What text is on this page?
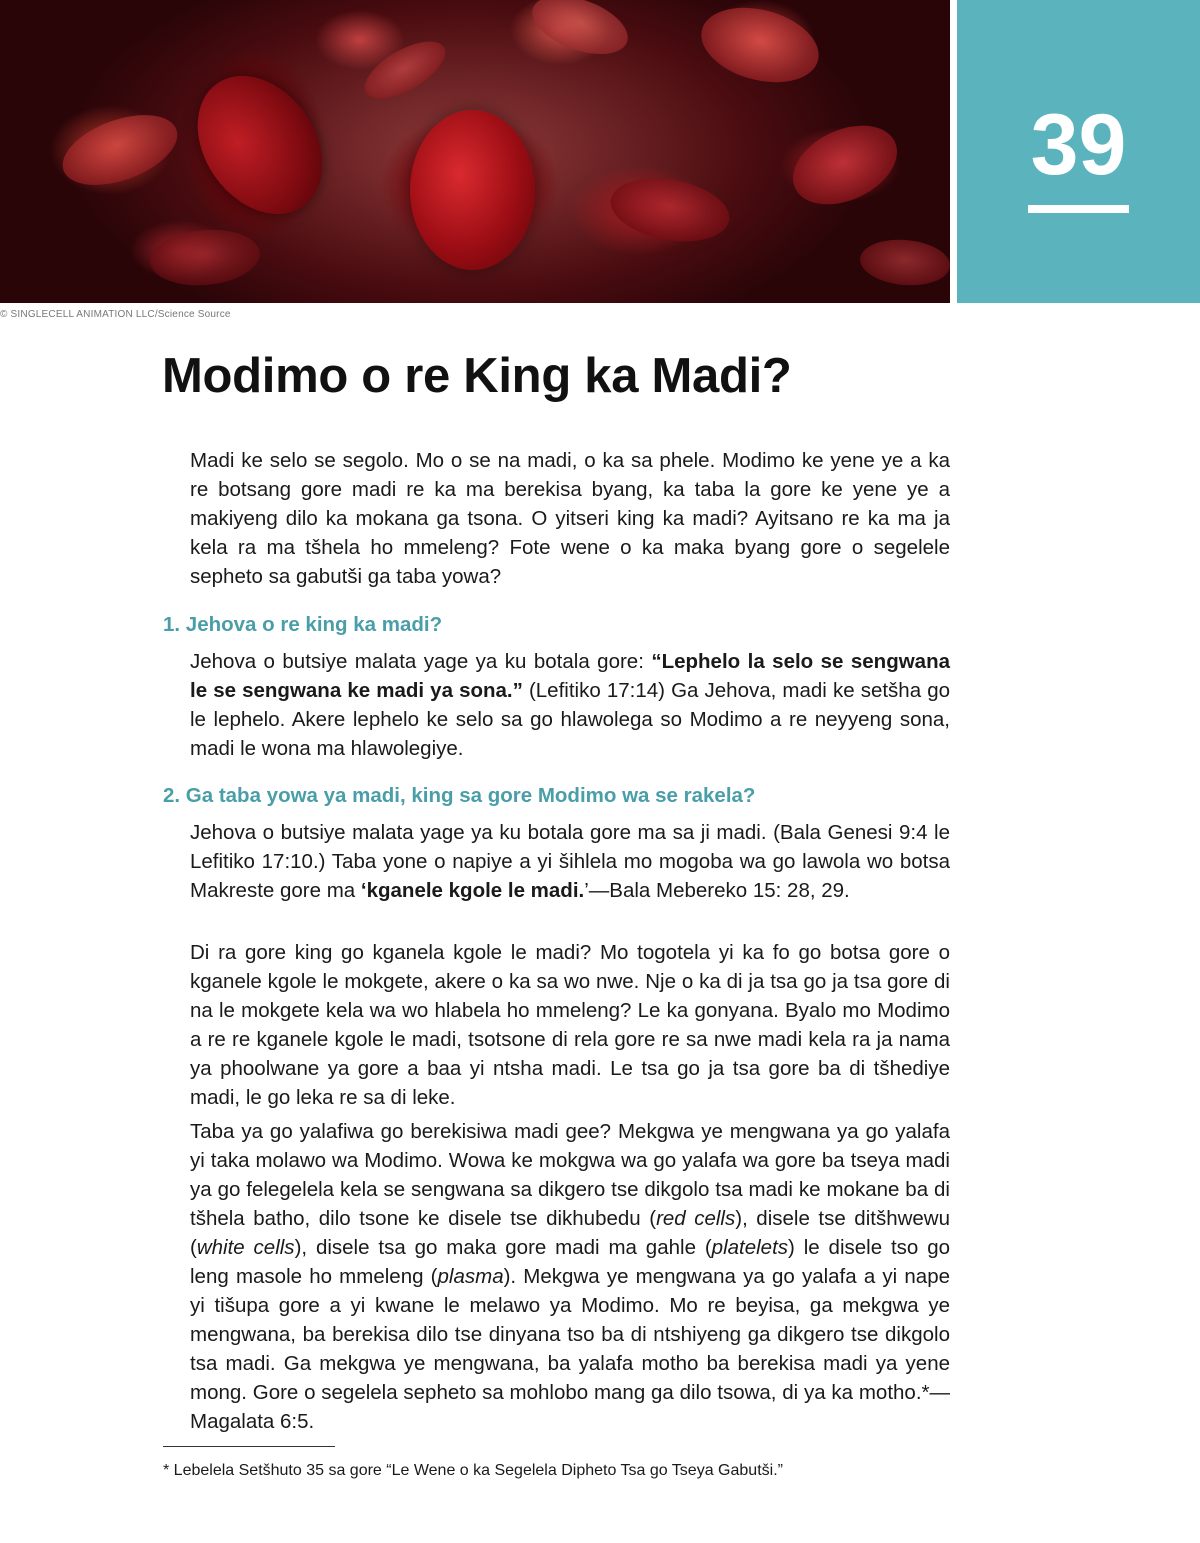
39
© SINGLECELL ANIMATION LLC/Science Source
Modimo o re King ka Madi?

Madi ke selo se segolo. Mo o se na madi, o ka sa phele. Modimo ke yene ye a ka re botsang gore madi re ka ma berekisa byang, ka taba la gore ke yene ye a makiyeng dilo ka mokana ga tsona. O yitseri king ka madi? Ayitsano re ka ma ja kela ra ma tšhela ho mmeleng? Fote wene o ka maka byang gore o segelele sepheto sa gabutši ga taba yowa?

1. Jehova o re king ka madi?

Jehova o butsiye malata yage ya ku botala gore: “Lephelo la selo se sengwana le se sengwana ke madi ya sona.” (Lefitiko 17:14) Ga Jehova, madi ke setšha go le lephelo. Akere lephelo ke selo sa go hlawolega so Modimo a re neyyeng sona, madi le wona ma hlawolegiye.

2. Ga taba yowa ya madi, king sa gore Modimo wa se rakela?

Jehova o butsiye malata yage ya ku botala gore ma sa ji madi. (Bala Genesi 9:4 le Lefitiko 17:10.) Taba yone o napiye a yi šihlela mo mogoba wa go lawola wo botsa Makreste gore ma ‘kganele kgole le madi.’—Bala Mebereko 15: 28, 29.

Di ra gore king go kganela kgole le madi? Mo togotela yi ka fo go botsa gore o kganele kgole le mokgete, akere o ka sa wo nwe. Nje o ka di ja tsa go ja tsa gore di na le mokgete kela wa wo hlabela ho mmeleng? Le ka gonyana. Byalo mo Modimo a re re kganele kgole le madi, tsotsone di rela gore re sa nwe madi kela ra ja nama ya phoolwane ya gore a baa yi ntsha madi. Le tsa go ja tsa gore ba di tšhediye madi, le go leka re sa di leke.

Taba ya go yalafiwa go berekisiwa madi gee? Mekgwa ye mengwana ya go yalafa yi taka molawo wa Modimo. Wowa ke mokgwa wa go yalafa wa gore ba tseya madi ya go felegelela kela se sengwana sa dikgero tse dikgolo tsa madi ke mokane ba di tšhela batho, dilo tsone ke disele tse dikhubedu (red cells), disele tse ditšhwewu (white cells), disele tsa go maka gore madi ma gahle (platelets) le disele tso go leng masole ho mmeleng (plasma). Mekgwa ye mengwana ya go yalafa a yi nape yi tišupa gore a yi kwane le melawo ya Modimo. Mo re beyisa, ga mekgwa ye mengwana, ba berekisa dilo tse dinyana tso ba di ntshiyeng ga dikgero tse dikgolo tsa madi. Ga mekgwa ye mengwana, ba yalafa motho ba berekisa madi ya yene mong. Gore o segelela sepheto sa mohlobo mang ga dilo tsowa, di ya ka motho.*—Magalata 6:5.

* Lebelela Setšhuto 35 sa gore “Le Wene o ka Segelela Dipheto Tsa go Tseya Gabutši.”
